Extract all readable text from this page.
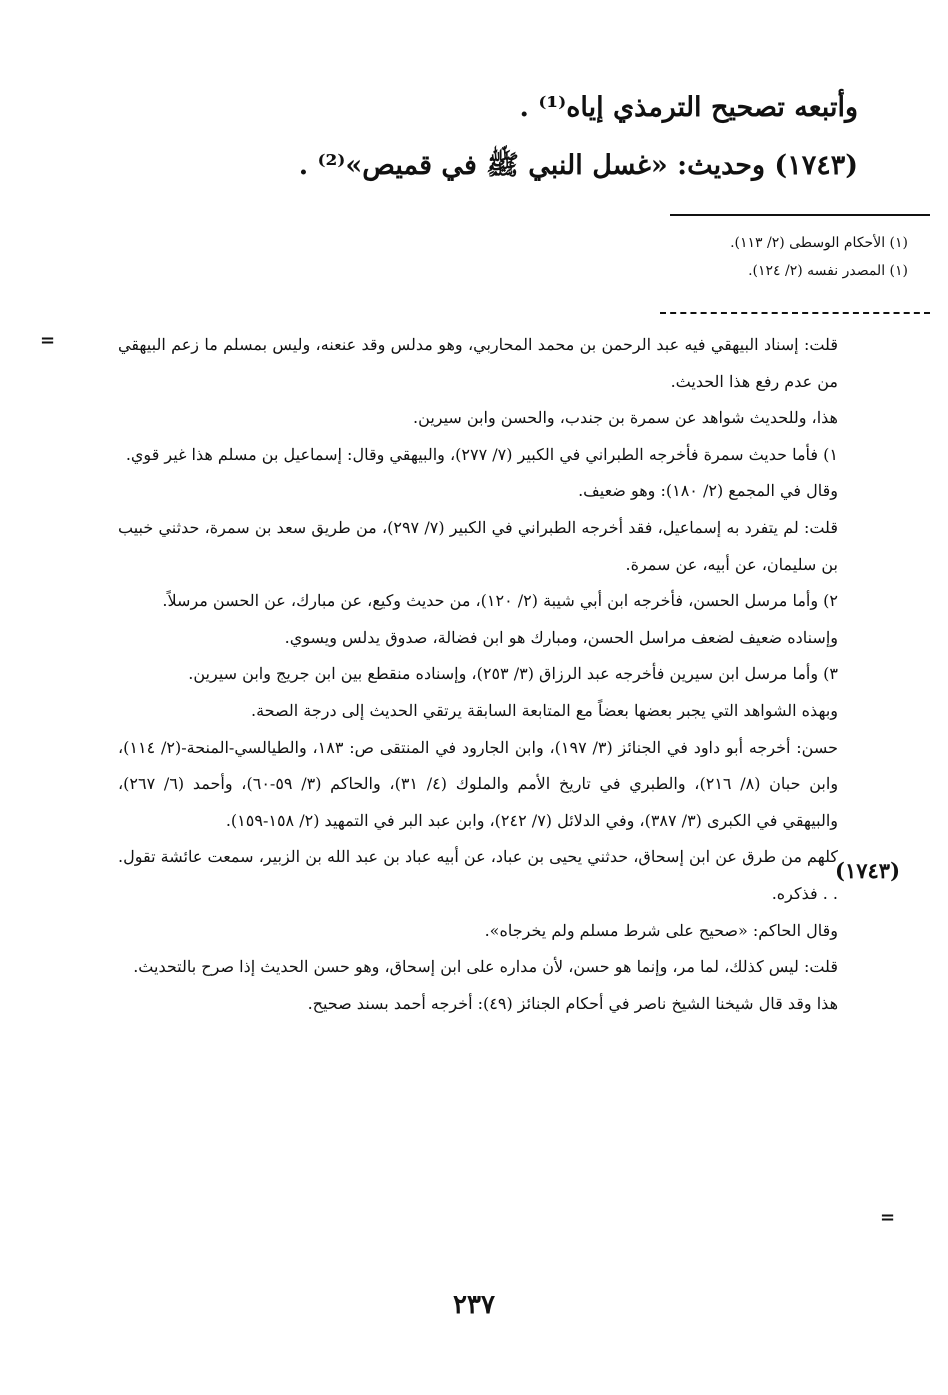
وأتبعه تصحيح الترمذي إياه⁽¹⁾ .
(١٧٤٣) وحديث: «غسل النبي ﷺ في قميص»⁽²⁾ .
(١) الأحكام الوسطى (٢/ ١١٣).
(١) المصدر نفسه (٢/ ١٢٤).
=	قلت: إسناد البيهقي فيه عبد الرحمن بن محمد المحاربي، وهو مدلس وقد عنعنه، وليس بمسلم ما زعم البيهقي من عدم رفع هذا الحديث.

هذا، وللحديث شواهد عن سمرة بن جندب، والحسن وابن سيرين.

١) فأما حديث سمرة فأخرجه الطبراني في الكبير (٧/ ٢٧٧)، والبيهقي وقال: إسماعيل بن مسلم هذا غير قوي.

وقال في المجمع (٢/ ١٨٠): وهو ضعيف.

قلت: لم يتفرد به إسماعيل، فقد أخرجه الطبراني في الكبير (٧/ ٢٩٧)، من طريق سعد بن سمرة، حدثني خبيب بن سليمان، عن أبيه، عن سمرة.

٢) وأما مرسل الحسن، فأخرجه ابن أبي شيبة (٢/ ١٢٠)، من حديث وكيع، عن مبارك، عن الحسن مرسلاً.

وإسناده ضعيف لضعف مراسل الحسن، ومبارك هو ابن فضالة، صدوق يدلس ويسوي.

٣) وأما مرسل ابن سيرين فأخرجه عبد الرزاق (٣/ ٢٥٣)، وإسناده منقطع بين ابن جريج وابن سيرين.

وبهذه الشواهد التي يجبر بعضها بعضاً مع المتابعة السابقة يرتقي الحديث إلى درجة الصحة.

حسن: أخرجه أبو داود في الجنائز (٣/ ١٩٧)، وابن الجارود في المنتقى ص: ١٨٣، والطيالسي-المنحة-(٢/ ١١٤)، وابن حبان (٨/ ٢١٦)، والطبري في تاريخ الأمم والملوك (٤/ ٣١)، والحاكم (٣/ ٥٩-٦٠)، وأحمد (٦/ ٢٦٧)، والبيهقي في الكبرى (٣/ ٣٨٧)، وفي الدلائل (٧/ ٢٤٢)، وابن عبد البر في التمهيد (٢/ ١٥٨-١٥٩).

كلهم من طرق عن ابن إسحاق، حدثني يحيى بن عباد، عن أبيه عباد بن عبد الله بن الزبير، سمعت عائشة تقول. . . فذكره.

وقال الحاكم: «صحيح على شرط مسلم ولم يخرجاه».

قلت: ليس كذلك، لما مر، وإنما هو حسن، لأن مداره على ابن إسحاق، وهو حسن الحديث إذا صرح بالتحديث.

هذا وقد قال شيخنا الشيخ ناصر في أحكام الجنائز (٤٩): أخرجه أحمد بسند صحيح.

(١٧٤٣)
=
٢٣٧
